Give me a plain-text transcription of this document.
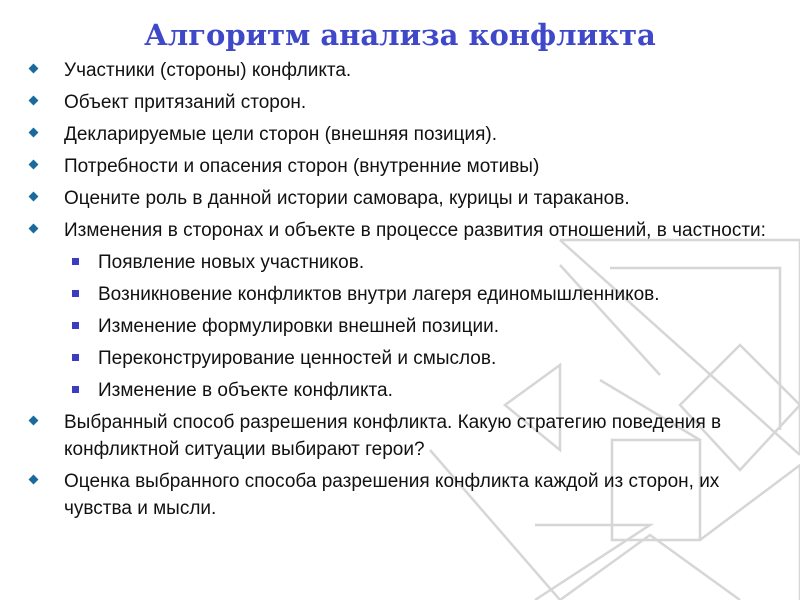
Алгоритм анализа конфликта
Участники (стороны) конфликта.
Объект притязаний сторон.
Декларируемые цели сторон (внешняя позиция).
Потребности и опасения сторон (внутренние мотивы)
Оцените роль в данной истории самовара, курицы и тараканов.
Изменения в сторонах и объекте в процессе развития отношений, в частности:
Появление новых участников.
Возникновение конфликтов внутри лагеря единомышленников.
Изменение формулировки внешней позиции.
Переконструирование ценностей и смыслов.
Изменение в объекте конфликта.
Выбранный способ разрешения конфликта. Какую стратегию поведения в конфликтной ситуации выбирают герои?
Оценка выбранного способа разрешения конфликта каждой из сторон, их чувства и мысли.
